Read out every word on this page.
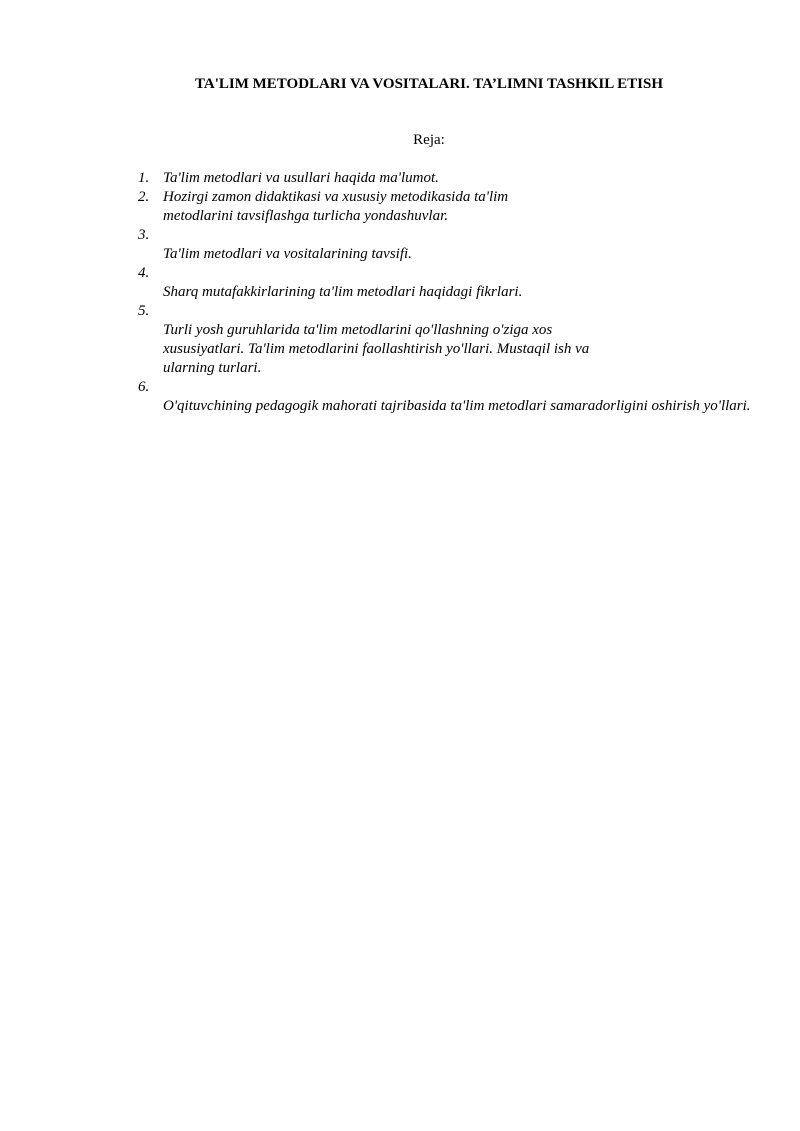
TA'LIM METODLARI VA VOSITALARI. TA’LIMNI TASHKIL ETISH
Reja:
1. Ta'lim metodlari va usullari haqida ma'lumot.
2. Hozirgi zamon didaktikasi va xususiy metodikasida ta'lim metodlarini tavsiflashga turlicha yondashuvlar.
3.
Ta'lim metodlari va vositalarining tavsifi.
4.
Sharq mutafakkirlarining ta'lim metodlari haqidagi fikrlari.
5.
Turli yosh guruhlarida ta'lim metodlarini qo'llashning o'ziga xos xususiyatlari. Ta'lim metodlarini faollashtirish yo'llari. Mustaqil ish va ularning turlari.
6.
O'qituvchining pedagogik mahorati tajribasida ta'lim metodlari samaradorligini oshirish yo'llari.
